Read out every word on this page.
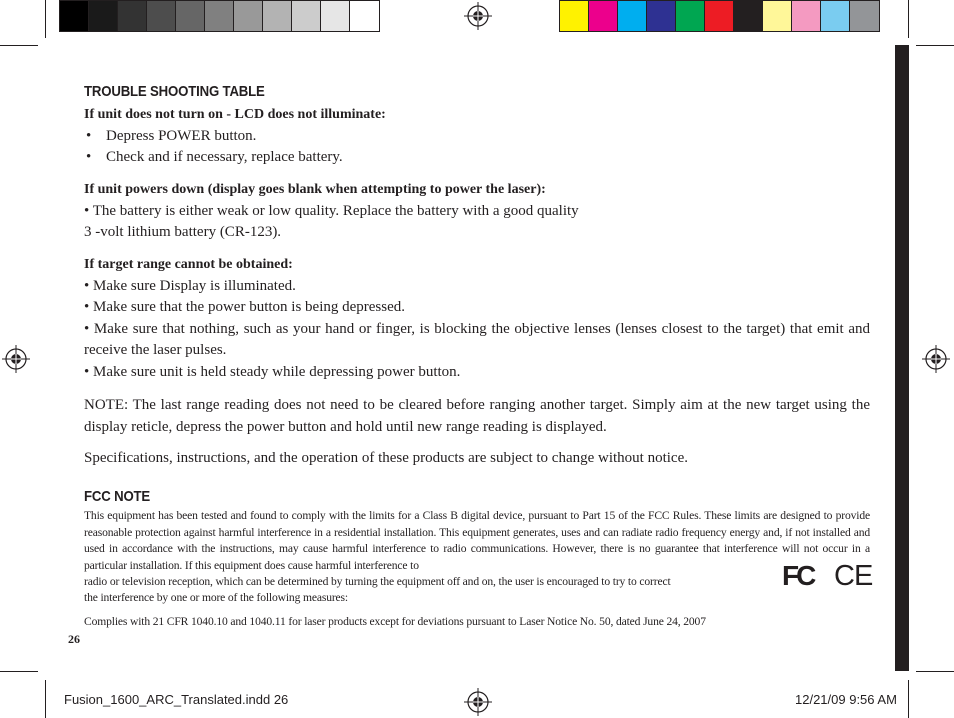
TROUBLE SHOOTING TABLE

If unit does not turn on - LCD does not illuminate:

• Depress POWER button.
• Check and if necessary, replace battery.

If unit powers down (display goes blank when attempting to power the laser):

• The battery is either weak or low quality. Replace the battery with a good quality

3 -volt lithium battery (CR-123).

If target range cannot be obtained:

• Make sure Display is illuminated.

• Make sure that the power button is being depressed.

• Make sure that nothing, such as your hand or finger, is blocking the objective lenses (lenses closest to the target) that emit and receive the laser pulses.

• Make sure unit is held steady while depressing power button.

NOTE: The last range reading does not need to be cleared before ranging another target. Simply aim at the new target using the display reticle, depress the power button and hold until new range reading is displayed.
Specifications, instructions, and the operation of these products are subject to change without notice.
FCC NOTE
This equipment has been tested and found to comply with the limits for a Class B digital device, pursuant to Part 15 of the FCC Rules. These limits are designed to provide reasonable protection against harmful interference in a residential installation. This equipment generates, uses and can radiate radio frequency energy and, if not installed and used in accordance with the instructions, may cause harmful interference to radio communications. However, there is no guarantee that interference will not occur in a particular installation. If this equipment does cause harmful interference to
radio or television reception, which can be determined by turning the equipment off and on, the user is encouraged to try to correct
the interference by one or more of the following measures:
FC CE
Complies with 21 CFR 1040.10 and 1040.11 for laser products except for deviations pursuant to Laser Notice No. 50, dated June 24, 2007
26
Fusion_1600_ARC_Translated.indd 26	12/21/09 9:56 AM
